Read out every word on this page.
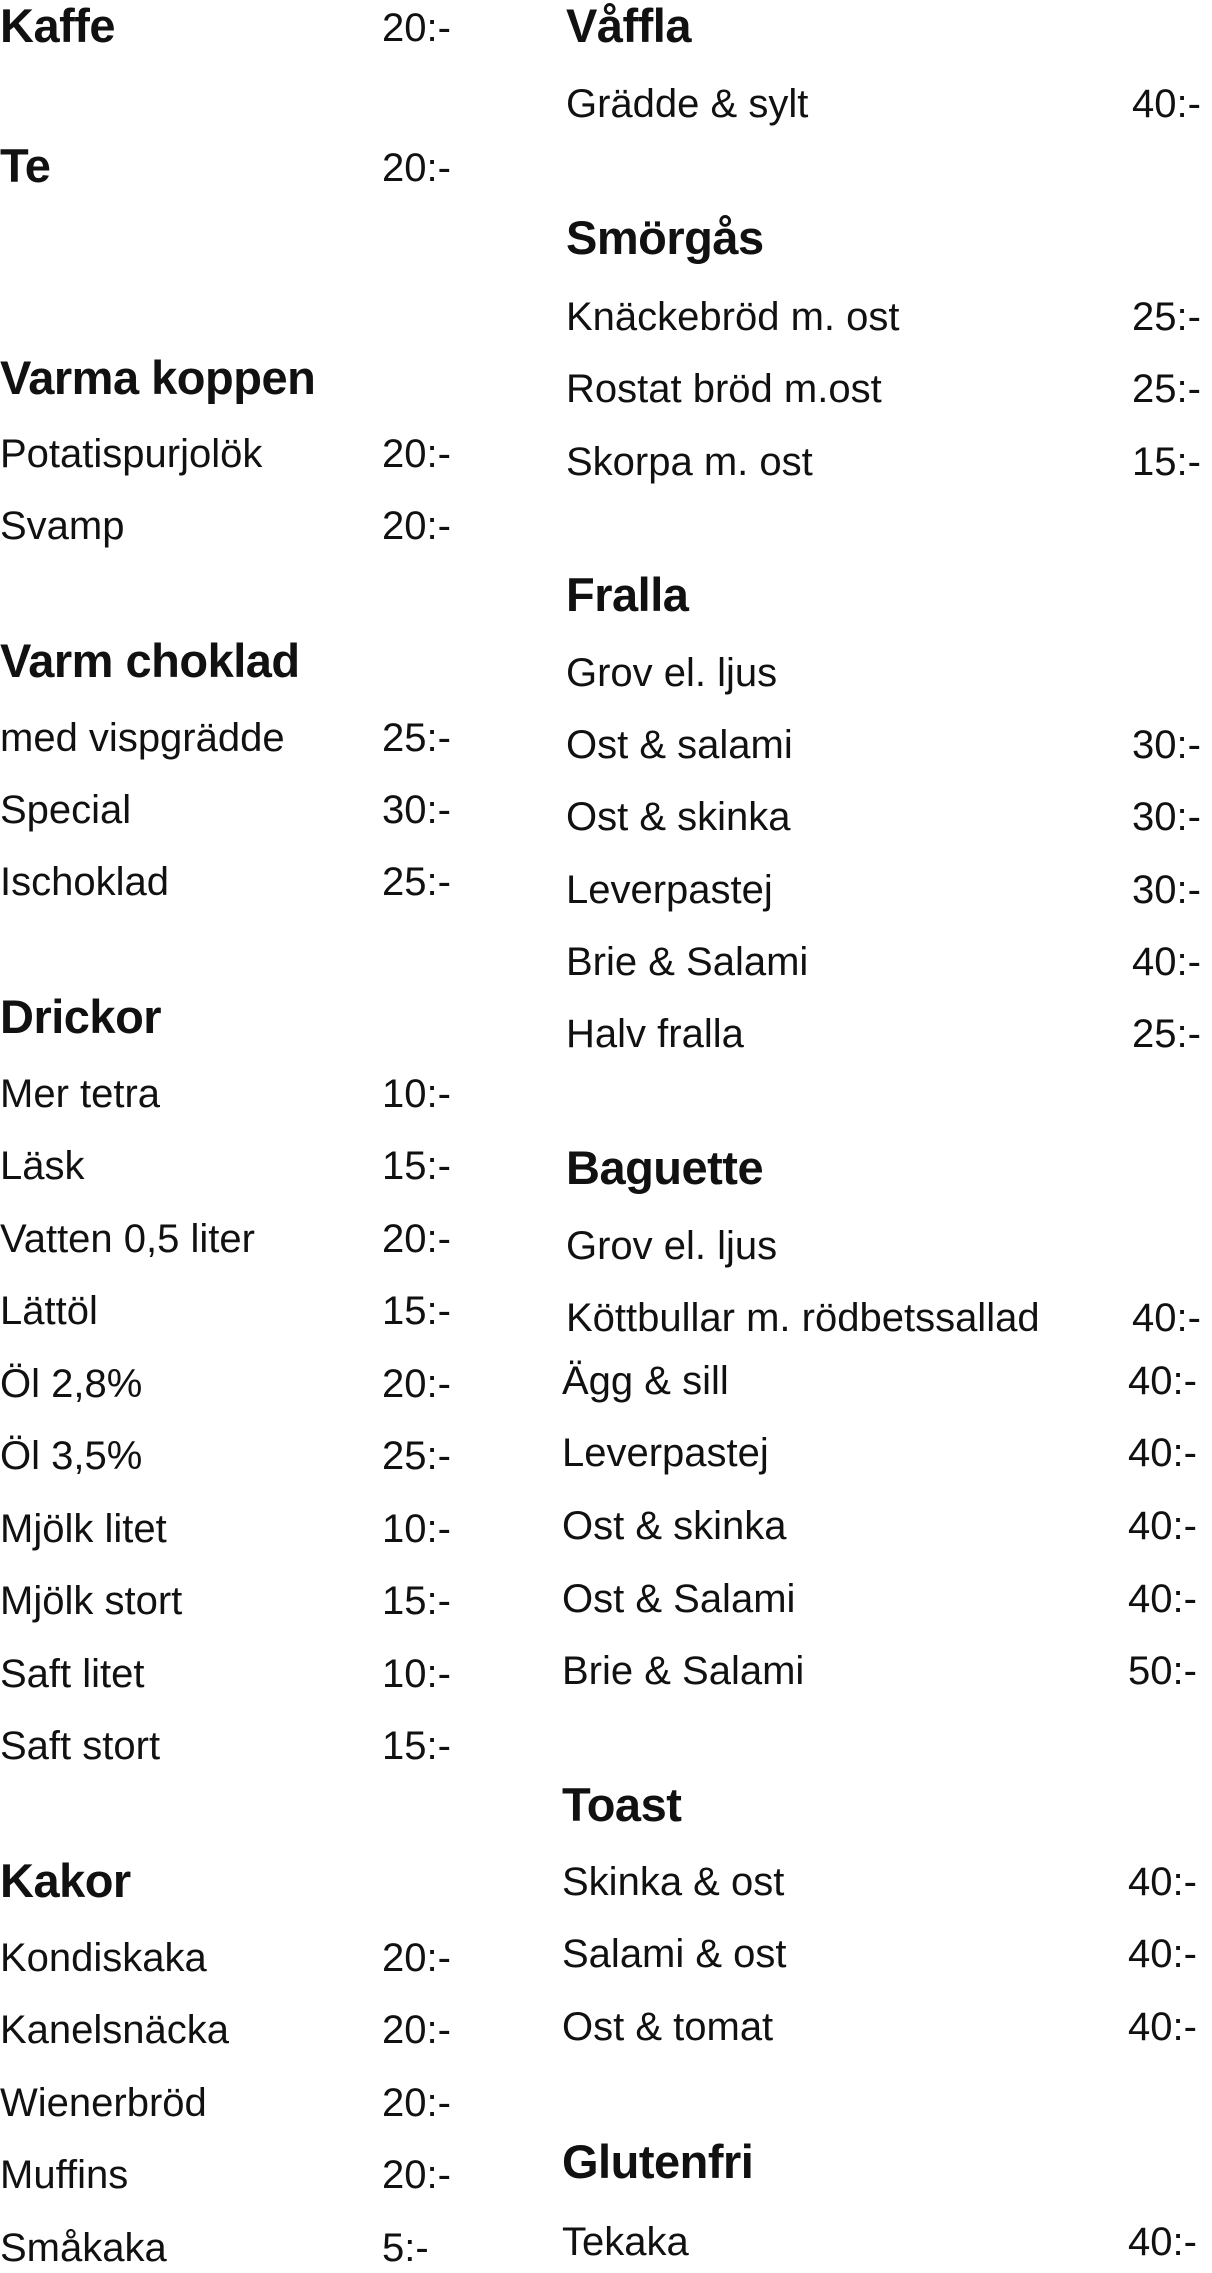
Kaffe	20:-
Te	20:-
Varma koppen
Potatispurjolök	20:-
Svamp	20:-
Varm choklad
med vispgrädde 25:-
Special	30:-
Ischoklad	25:-
Drickor
Mer tetra	10:-
Läsk	15:-
Vatten 0,5 liter	20:-
Lättöl	15:-
Öl 2,8%	20:-
Öl 3,5%	25:-
Mjölk litet	10:-
Mjölk stort	15:-
Saft litet	10:-
Saft stort	15:-
Kakor
Kondiskaka	20:-
Kanelsnäcka	20:-
Wienerbröd	20:-
Muffins	20:-
Småkaka	5:-
Våffla
Grädde & sylt	40:-
Smörgås
Knäckebröd m. ost	25:-
Rostat bröd m.ost	25:-
Skorpa m. ost	15:-
Fralla
Grov el. ljus
Ost & salami	30:-
Ost & skinka	30:-
Leverpastej	30:-
Brie & Salami	40:-
Halv fralla	25:-
Baguette
Grov el. ljus
Köttbullar m. rödbetssallad 40:-
Ägg & sill	40:-
Leverpastej	40:-
Ost & skinka	40:-
Ost & Salami	40:-
Brie & Salami	50:-
Toast
Skinka & ost	40:-
Salami & ost	40:-
Ost & tomat	40:-
Glutenfri
Tekaka	40:-
